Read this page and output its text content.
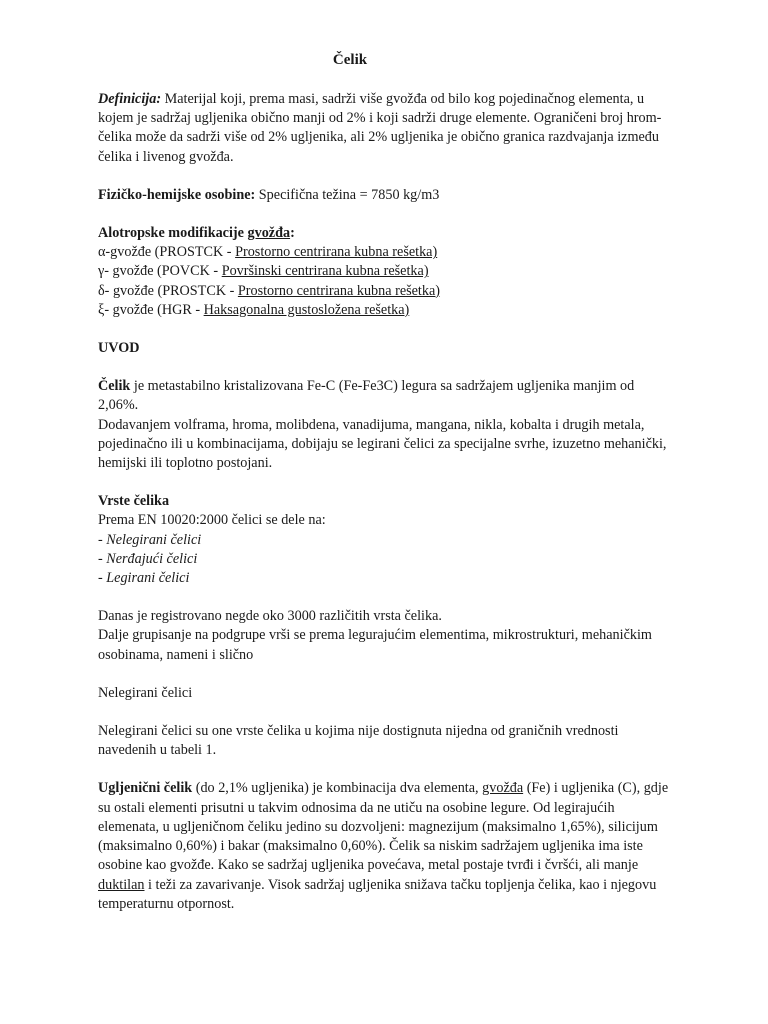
Čelik
Definicija: Materijal koji, prema masi, sadrži više gvožđa od bilo kog pojedinačnog elementa, u
kojem je sadržaj ugljenika obično manji od 2% i koji sadrži druge elemente. Ograničeni broj hrom-
čelika može da sadrži više od 2% ugljenika, ali 2% ugljenika je obično granica razdvajanja između
čelika i livenog gvožđa.
Fizičko-hemijske osobine: Specifična težina = 7850 kg/m3
Alotropske modifikacije gvožđa:
α-gvožđe (PROSTCK - Prostorno centrirana kubna rešetka)
γ- gvožđe (POVCK - Površinski centrirana kubna rešetka)
δ- gvožđe (PROSTCK - Prostorno centrirana kubna rešetka)
ξ- gvožđe (HGR - Haksagonalna gustosložena rešetka)
UVOD
Čelik je metastabilno kristalizovana Fe-C (Fe-Fe3C) legura sa sadržajem ugljenika manjim od
2,06%.
Dodavanjem volframa, hroma, molibdena, vanadijuma, mangana, nikla, kobalta i drugih metala,
pojedinačno ili u kombinacijama, dobijaju se legirani čelici za specijalne svrhe, izuzetno mehanički,
hemijski ili toplotno postojani.
Vrste čelika
Prema EN 10020:2000 čelici se dele na:
- Nelegirani čelici
- Nerđajući čelici
- Legirani čelici
Danas je registrovano negde oko 3000 različitih vrsta čelika.
Dalje grupisanje na podgrupe vrši se prema legurajućim elementima, mikrostrukturi, mehaničkim
osobinama, nameni i slično
Nelegirani čelici
Nelegirani čelici su one vrste čelika u kojima nije dostignuta nijedna od graničnih vrednosti
navedenih u tabeli 1.
Ugljenični čelik (do 2,1% ugljenika) je kombinacija dva elementa, gvožđa (Fe) i ugljenika (C), gdje
su ostali elementi prisutni u takvim odnosima da ne utiču na osobine legure. Od legirajućih
elemenata, u ugljeničnom čeliku jedino su dozvoljeni: magnezijum (maksimalno 1,65%), silicijum
(maksimalno 0,60%) i bakar (maksimalno 0,60%). Čelik sa niskim sadržajem ugljenika ima iste
osobine kao gvožđe. Kako se sadržaj ugljenika povećava, metal postaje tvrđi i čvršći, ali manje
duktilan i teži za zavarivanje. Visok sadržaj ugljenika snižava tačku topljenja čelika, kao i njegovu
temperaturnu otpornost.
